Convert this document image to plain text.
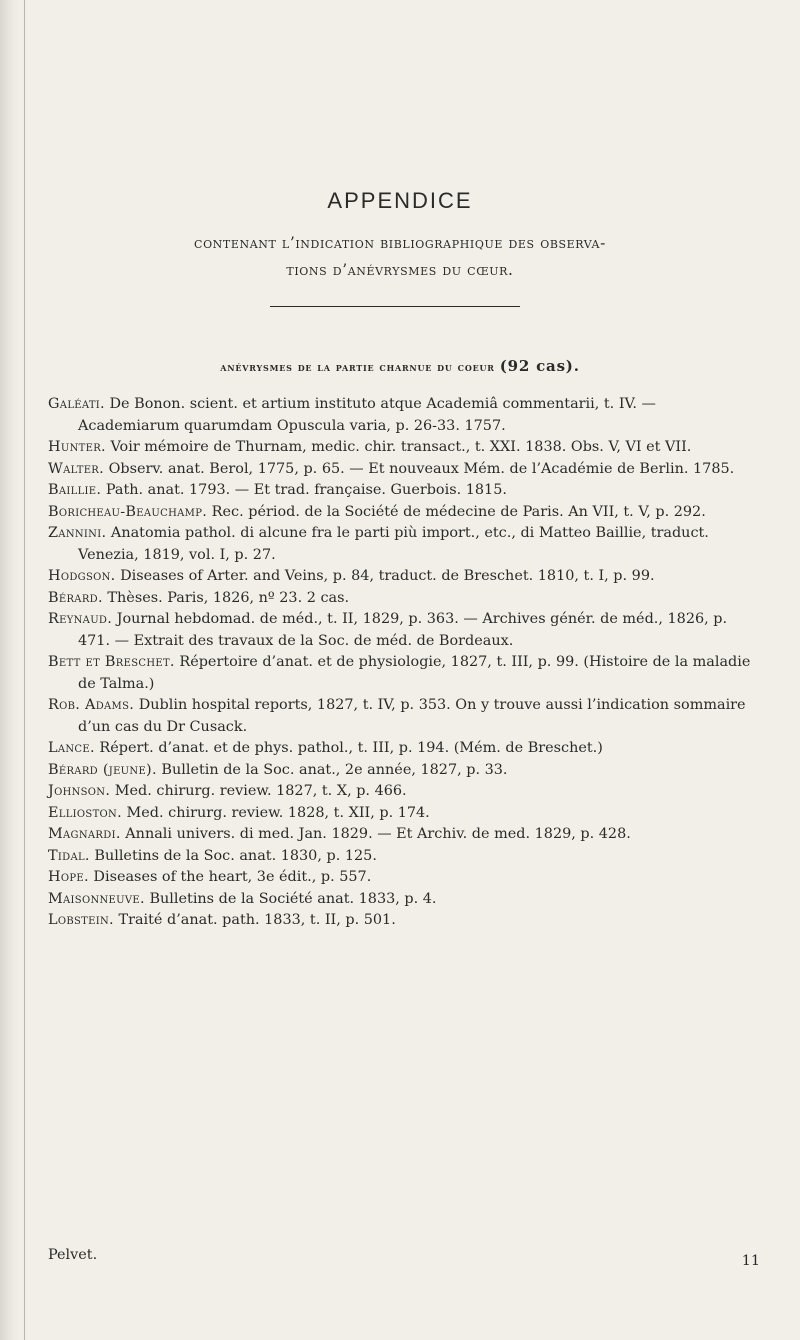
APPENDICE
contenant l’indication bibliographique des observa-
tions d’anévrysmes du cœur.
anévrysmes de la partie charnue du coeur (92 cas).
Galéati. De Bonon. scient. et artium instituto atque Academiâ commentarii, t. IV. — Academiarum quarumdam Opuscula varia, p. 26-33. 1757.
Hunter. Voir mémoire de Thurnam, medic. chir. transact., t. XXI. 1838. Obs. V, VI et VII.
Walter. Observ. anat. Berol, 1775, p. 65. — Et nouveaux Mém. de l’Académie de Berlin. 1785.
Baillie. Path. anat. 1793. — Et trad. française. Guerbois. 1815.
Boricheau-Beauchamp. Rec. périod. de la Société de médecine de Paris. An VII, t. V, p. 292.
Zannini. Anatomia pathol. di alcune fra le parti più import., etc., di Matteo Baillie, traduct. Venezia, 1819, vol. I, p. 27.
Hodgson. Diseases of Arter. and Veins, p. 84, traduct. de Breschet. 1810, t. I, p. 99.
Bérard. Thèses. Paris, 1826, nº 23. 2 cas.
Reynaud. Journal hebdomad. de méd., t. II, 1829, p. 363. — Archives génér. de méd., 1826, p. 471. — Extrait des travaux de la Soc. de méd. de Bordeaux.
Bett et Breschet. Répertoire d’anat. et de physiologie, 1827, t. III, p. 99. (Histoire de la maladie de Talma.)
Rob. Adams. Dublin hospital reports, 1827, t. IV, p. 353. On y trouve aussi l’indication sommaire d’un cas du Dr Cusack.
Lance. Répert. d’anat. et de phys. pathol., t. III, p. 194. (Mém. de Breschet.)
Bérard (jeune). Bulletin de la Soc. anat., 2e année, 1827, p. 33.
Johnson. Med. chirurg. review. 1827, t. X, p. 466.
Ellioston. Med. chirurg. review. 1828, t. XII, p. 174.
Magnardi. Annali univers. di med. Jan. 1829. — Et Archiv. de med. 1829, p. 428.
Tidal. Bulletins de la Soc. anat. 1830, p. 125.
Hope. Diseases of the heart, 3e édit., p. 557.
Maisonneuve. Bulletins de la Société anat. 1833, p. 4.
Lobstein. Traité d’anat. path. 1833, t. II, p. 501.
Pelvet.	11
